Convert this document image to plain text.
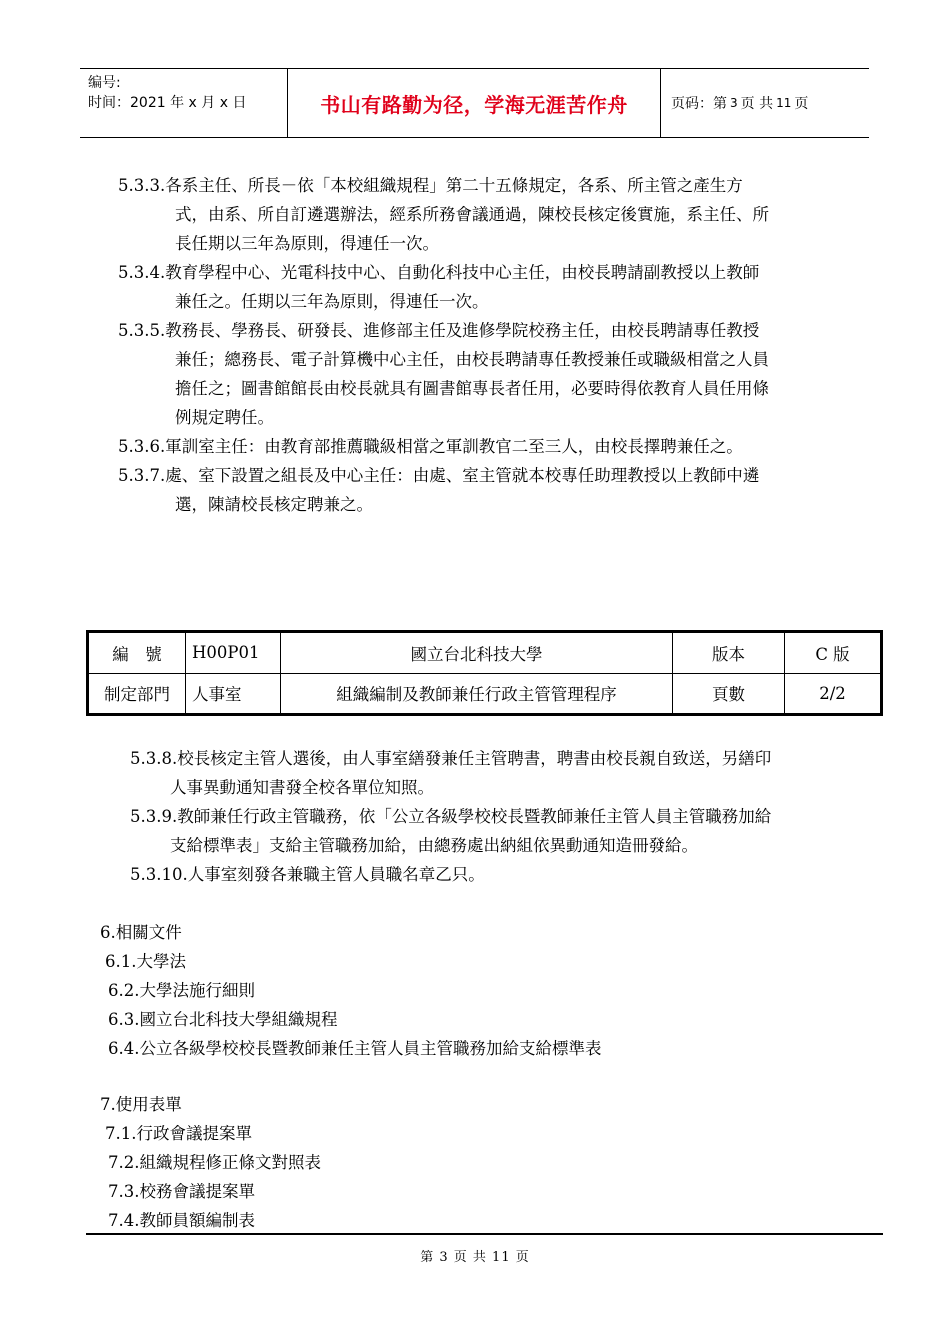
编号:
时间：2021 年 x 月 x 日	书山有路勤为径，学海无涯苦作舟	页码：第 3 页 共 11 页
5.3.3.各系主任、所長－依「本校組織規程」第二十五條規定，各系、所主管之產生方
式，由系、所自訂遴選辦法，經系所務會議通過，陳校長核定後實施，系主任、所
長任期以三年為原則，得連任一次。
5.3.4.教育學程中心、光電科技中心、自動化科技中心主任，由校長聘請副教授以上教師
兼任之。任期以三年為原則，得連任一次。
5.3.5.教務長、學務長、研發長、進修部主任及進修學院校務主任，由校長聘請專任教授
兼任；總務長、電子計算機中心主任，由校長聘請專任教授兼任或職級相當之人員
擔任之；圖書館館長由校長就具有圖書館專長者任用，必要時得依教育人員任用條
例規定聘任。
5.3.6.軍訓室主任：由教育部推薦職級相當之軍訓教官二至三人，由校長擇聘兼任之。
5.3.7.處、室下設置之組長及中心主任：由處、室主管就本校專任助理教授以上教師中遴
選，陳請校長核定聘兼之。
編　號	H00P01	國立台北科技大學	版本	C 版
制定部門	人事室	組織編制及教師兼任行政主管管理程序	頁數	2/2
5.3.8.校長核定主管人選後，由人事室繕發兼任主管聘書，聘書由校長親自致送，另繕印
人事異動通知書發全校各單位知照。
5.3.9.教師兼任行政主管職務，依「公立各級學校校長暨教師兼任主管人員主管職務加給
支給標準表」支給主管職務加給，由總務處出納組依異動通知造冊發給。
5.3.10.人事室刻發各兼職主管人員職名章乙只。
6.相關文件
6.1.大學法
6.2.大學法施行細則
6.3.國立台北科技大學組織規程
6.4.公立各級學校校長暨教師兼任主管人員主管職務加給支給標準表
7.使用表單
7.1.行政會議提案單
7.2.組織規程修正條文對照表
7.3.校務會議提案單
7.4.教師員額編制表
第 3 页 共 11 页
